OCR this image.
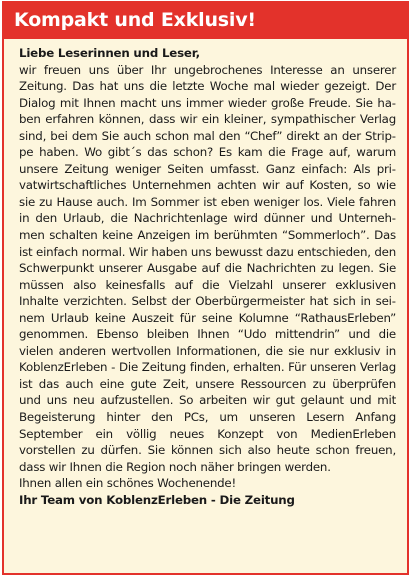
Kompakt und Exklusiv!

Liebe Leserinnen und Leser,

wir freuen uns über Ihr ungebrochenes Interesse an unserer Zeitung. Das hat uns die letzte Woche mal wieder gezeigt. Der Dialog mit Ihnen macht uns immer wieder große Freude. Sie haben erfahren können, dass wir ein kleiner, sympathischer Verlag sind, bei dem Sie auch schon mal den “Chef” direkt an der Strippe haben. Wo gibt´s das schon? Es kam die Frage auf, warum unsere Zeitung weniger Seiten umfasst. Ganz einfach: Als privatwirtschaftliches Unternehmen achten wir auf Kosten, so wie sie zu Hause auch. Im Sommer ist eben weniger los. Viele fahren in den Urlaub, die Nachrichtenlage wird dünner und Unternehmen schalten keine Anzeigen im berühmten “Sommerloch”. Das ist einfach normal. Wir haben uns bewusst dazu entschieden, den Schwerpunkt unserer Ausgabe auf die Nachrichten zu legen. Sie müssen also keinesfalls auf die Vielzahl unserer exklusiven Inhalte verzichten. Selbst der Oberbürgermeister hat sich in seinem Urlaub keine Auszeit für seine Kolumne “RathausErleben” genommen. Ebenso bleiben Ihnen “Udo mittendrin” und die vielen anderen wertvollen Informationen, die sie nur exklusiv in KoblenzErleben - Die Zeitung finden, erhalten. Für unseren Verlag ist das auch eine gute Zeit, unsere Ressourcen zu überprüfen und uns neu aufzustellen. So arbeiten wir gut gelaunt und mit Begeisterung hinter den PCs, um unseren Lesern Anfang September ein völlig neues Konzept von MedienErleben vorstellen zu dürfen. Sie können sich also heute schon freuen, dass wir Ihnen die Region noch näher bringen werden.

Ihnen allen ein schönes Wochenende!

Ihr Team von KoblenzErleben - Die Zeitung
